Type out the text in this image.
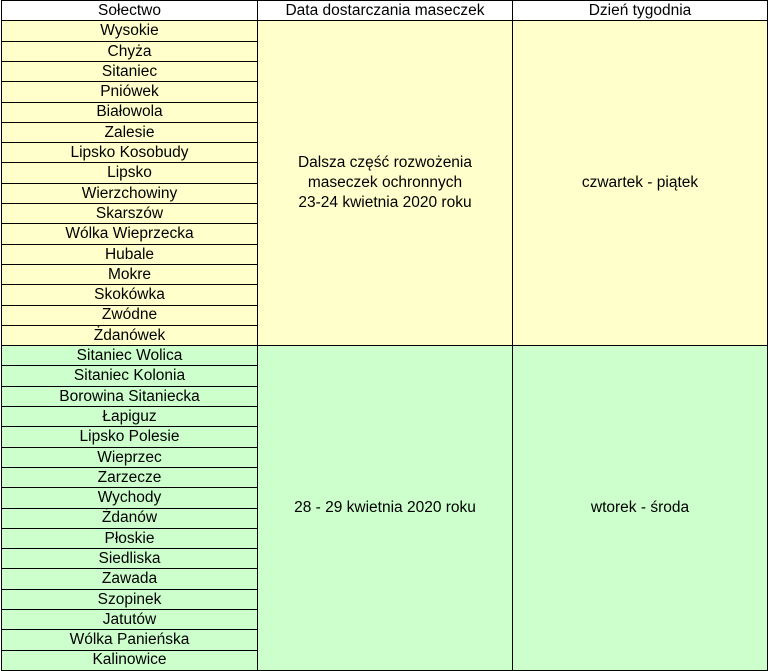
Sołectwo	Data dostarczania maseczek	Dzień tygodnia
Wysokie	Dalsza część rozwożenia
maseczek ochronnych
23-24 kwietnia 2020 roku	czwartek - piątek
Chyża		
Sitaniec		
Pniówek		
Białowola		
Zalesie		
Lipsko Kosobudy		
Lipsko		
Wierzchowiny		
Skarszów		
Wólka Wieprzecka		
Hubale		
Mokre		
Skokówka		
Zwódne		
Żdanówek		
Sitaniec Wolica	28 - 29 kwietnia 2020 roku	wtorek - środa
Sitaniec Kolonia		
Borowina Sitaniecka		
Łapiguz		
Lipsko Polesie		
Wieprzec		
Zarzecze		
Wychody		
Żdanów		
Płoskie		
Siedliska		
Zawada		
Szopinek		
Jatutów		
Wólka Panieńska		
Kalinowice		
